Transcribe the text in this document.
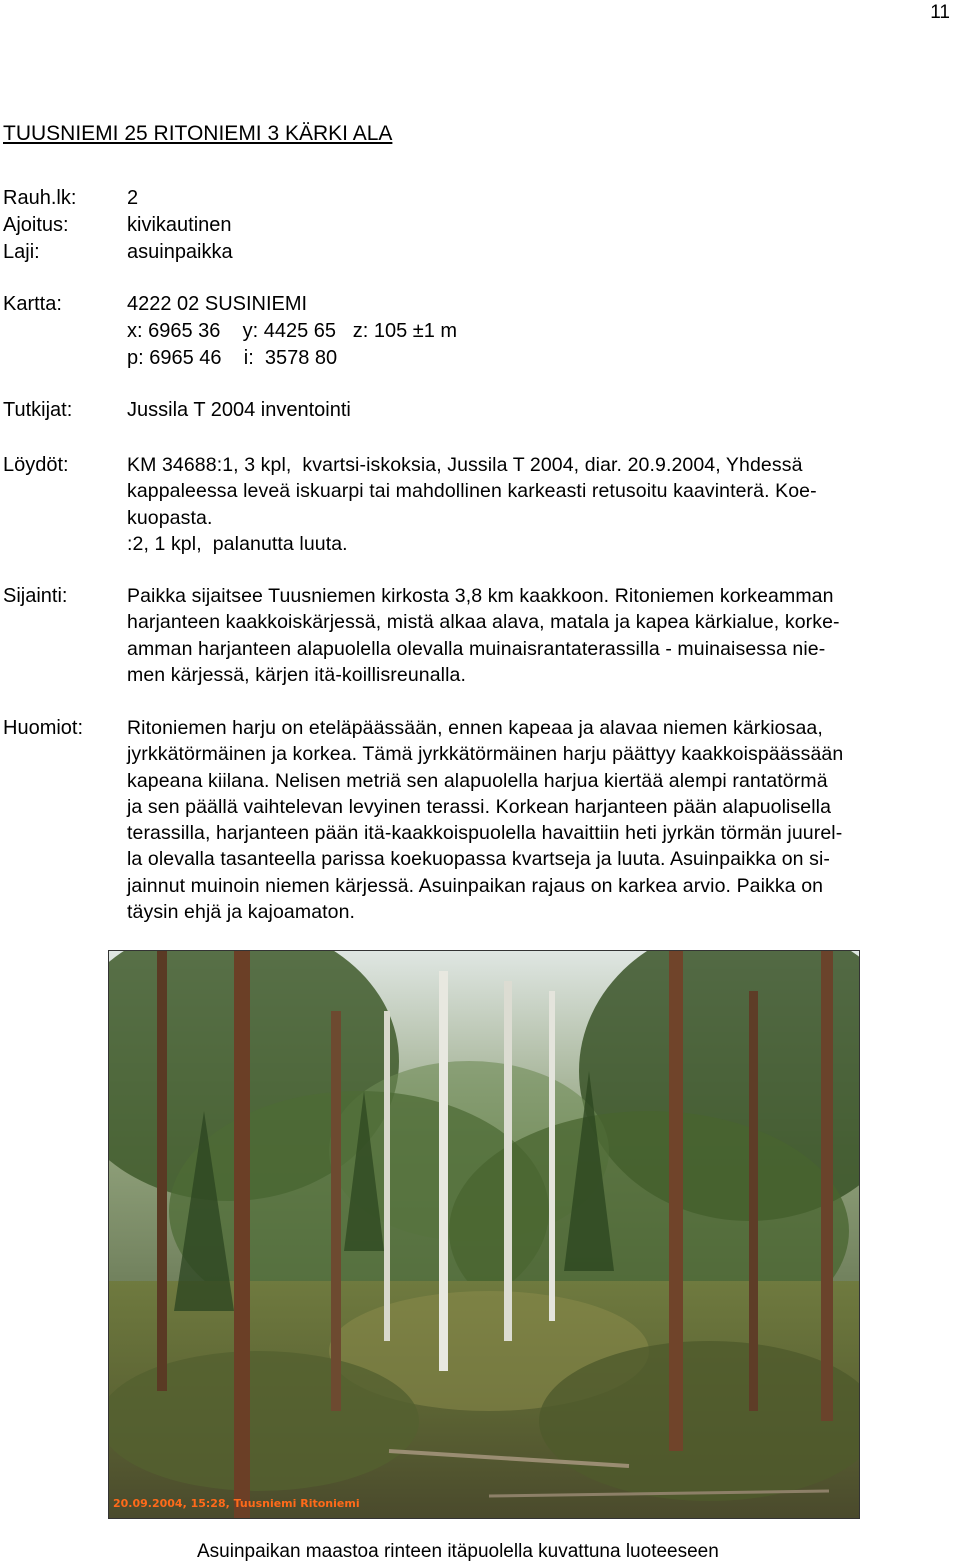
11
TUUSNIEMI 25 RITONIEMI 3 KÄRKI ALA
Rauh.lk:	2
Ajoitus:	kivikautinen
Laji:	asuinpaikka
Kartta:	4222 02 SUSINIEMI
x: 6965 36    y: 4425 65   z: 105 ±1 m
p: 6965 46    i:  3578 80
Tutkijat:	Jussila T 2004 inventointi
Löydöt:	KM 34688:1, 3 kpl,  kvartsi-iskoksia, Jussila T 2004, diar. 20.9.2004, Yhdessä
kappaleessa leveä iskuarpi tai mahdollinen karkeasti retusoitu kaavinterä. Koe-
kuopasta.
:2, 1 kpl,  palanutta luuta.
Sijainti:	Paikka sijaitsee Tuusniemen kirkosta 3,8 km kaakkoon. Ritoniemen korkeamman
harjanteen kaakkoiskärjessä, mistä alkaa alava, matala ja kapea kärkialue, korke-
amman harjanteen alapuolella olevalla muinaisrantaterassilla - muinaisessa nie-
men kärjessä, kärjen itä-koillisreunalla.
Huomiot: Ritoniemen harju on eteläpäässään, ennen kapeaa ja alavaa niemen kärkiosaa,
jyrkkätörmäinen ja korkea. Tämä jyrkkätörmäinen harju päättyy kaakkoispäässään
kapeana kiilana. Nelisen metriä sen alapuolella harjua kiertää alempi rantatörmä
ja sen päällä vaihtelevan levyinen terassi. Korkean harjanteen pään alapuolisella
terassilla, harjanteen pään itä-kaakkoispuolella havaittiin heti jyrkän törmän juurel-
la olevalla tasanteella parissa koekuopassa kvartseja ja luuta. Asuinpaikka on si-
jainnut muinoin niemen kärjessä. Asuinpaikan rajaus on karkea arvio. Paikka on
täysin ehjä ja kajoamaton.
20.09.2004, 15:28, Tuusniemi Ritoniemi
Asuinpaikan maastoa rinteen itäpuolella kuvattuna luoteeseen
